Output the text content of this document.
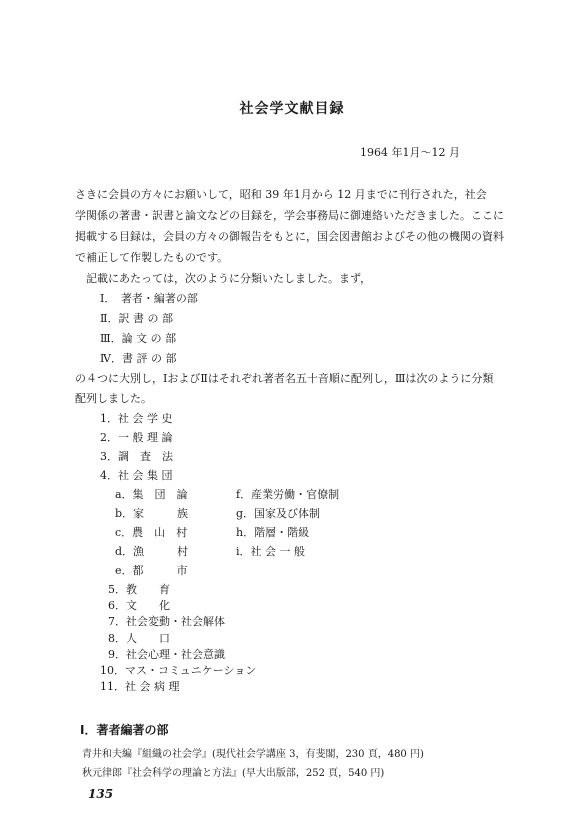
社会学文献目録
1964 年1月～12 月
さきに会員の方々にお願いして，昭和 39 年1月から 12 月までに刊行された，社会
学関係の著書・訳書と論文などの目録を，学会事務局に御連絡いただきました。ここに
掲載する目録は，会員の方々の御報告をもとに，国会図書館およびその他の機関の資料
で補正して作製したものです。
　記載にあたっては，次のように分類いたしました。まず，
Ⅰ．　著者・編著の部
Ⅱ．訳 書 の 部
Ⅲ．論 文 の 部
Ⅳ．書 評 の 部
の４つに大別し，ⅠおよびⅡはそれぞれ著者名五十音順に配列し，Ⅲは次のように分類
配列しました。
1．社 会 学 史
2．一 般 理 論
3．調　査　法
4．社 会 集 団
a．集　団　論
b．家　　　族
c．農　山　村
d．漁　　　村
e．都　　　市
f．産業労働・官僚制
g．国家及び体制
h．階層・階級
i．社 会 一 般
5．教　　育
6．文　　化
7．社会変動・社会解体
8．人　　口
9．社会心理・社会意識
10．マス・コミュニケーション
11．社 会 病 理
Ⅰ．著者編著の部
青井和夫編『組織の社会学』(現代社会学講座 3，有斐閣，230 頁，480 円)
秋元律郎『社会科学の理論と方法』(早大出版部，252 頁，540 円)
135
